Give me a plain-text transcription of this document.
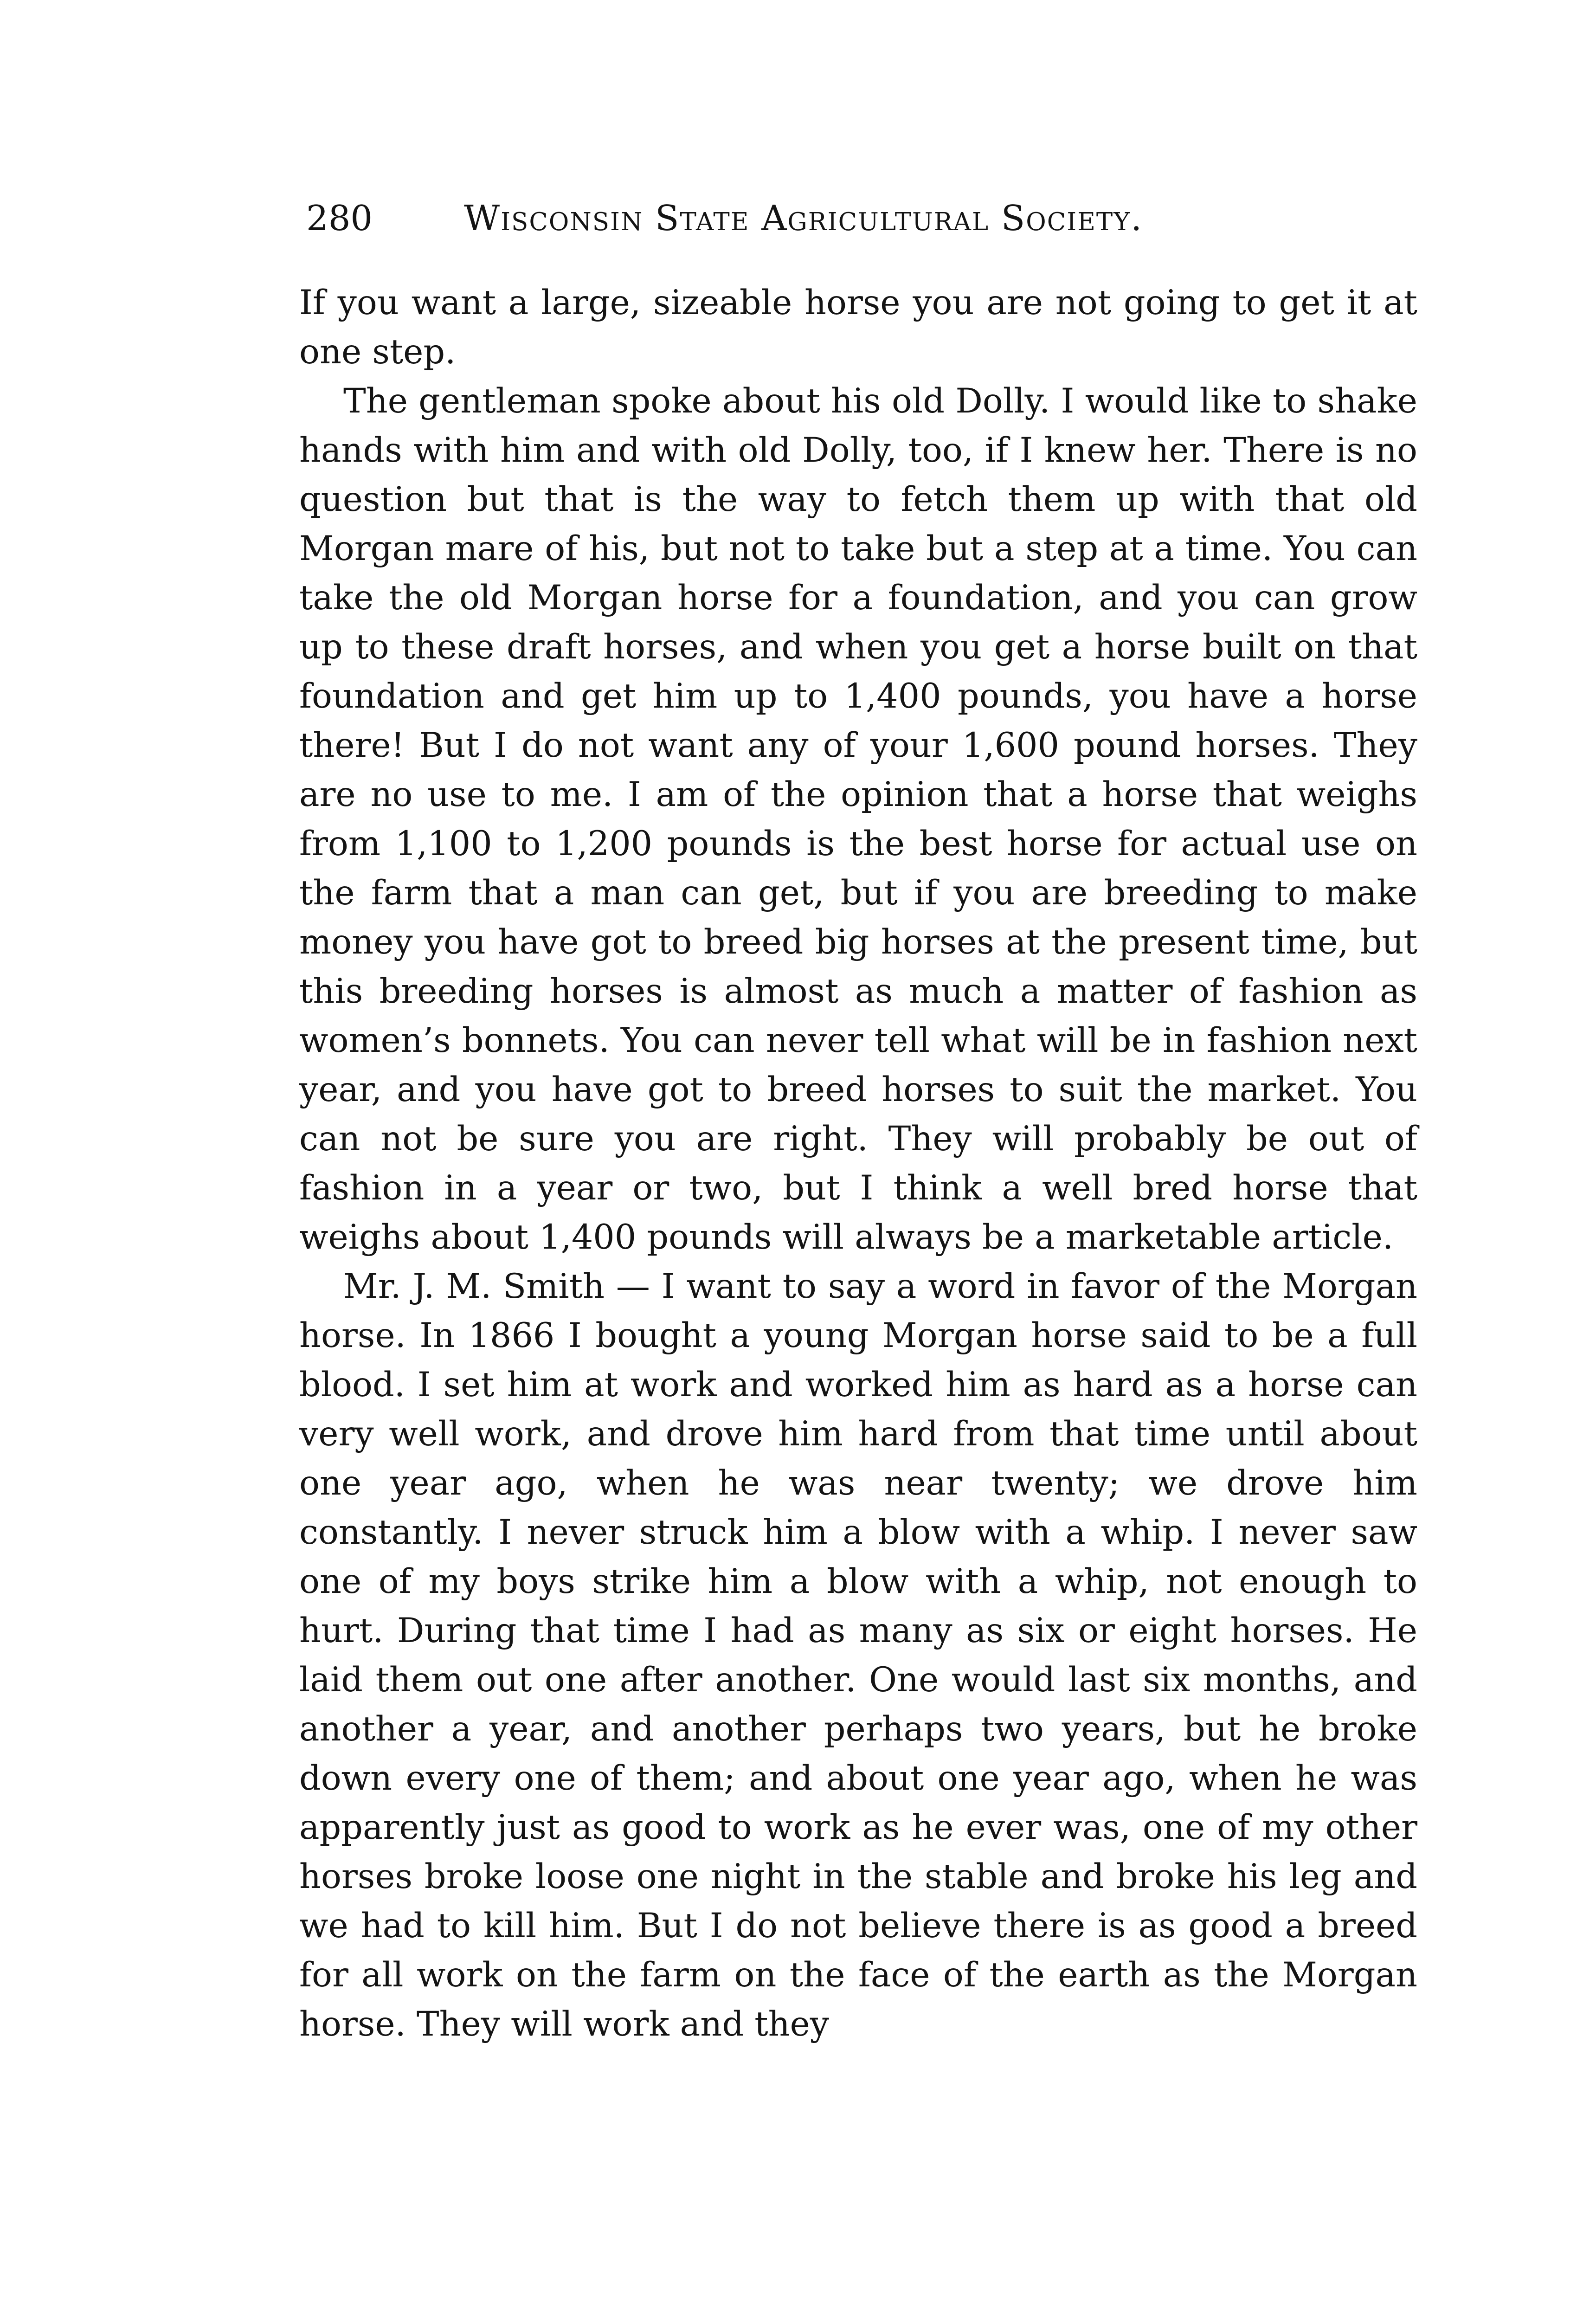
280	Wisconsin State Agricultural Society.

If you want a large, sizeable horse you are not going to get it at one step.

The gentleman spoke about his old Dolly. I would like to shake hands with him and with old Dolly, too, if I knew her. There is no question but that is the way to fetch them up with that old Morgan mare of his, but not to take but a step at a time. You can take the old Morgan horse for a foundation, and you can grow up to these draft horses, and when you get a horse built on that foundation and get him up to 1,400 pounds, you have a horse there! But I do not want any of your 1,600 pound horses. They are no use to me. I am of the opinion that a horse that weighs from 1,100 to 1,200 pounds is the best horse for actual use on the farm that a man can get, but if you are breeding to make money you have got to breed big horses at the present time, but this breeding horses is almost as much a matter of fashion as women’s bonnets. You can never tell what will be in fashion next year, and you have got to breed horses to suit the market. You can not be sure you are right. They will probably be out of fashion in a year or two, but I think a well bred horse that weighs about 1,400 pounds will always be a marketable article.

Mr. J. M. Smith — I want to say a word in favor of the Morgan horse. In 1866 I bought a young Morgan horse said to be a full blood. I set him at work and worked him as hard as a horse can very well work, and drove him hard from that time until about one year ago, when he was near twenty; we drove him constantly. I never struck him a blow with a whip. I never saw one of my boys strike him a blow with a whip, not enough to hurt. During that time I had as many as six or eight horses. He laid them out one after another. One would last six months, and another a year, and another perhaps two years, but he broke down every one of them; and about one year ago, when he was apparently just as good to work as he ever was, one of my other horses broke loose one night in the stable and broke his leg and we had to kill him. But I do not believe there is as good a breed for all work on the farm on the face of the earth as the Morgan horse. They will work and they
